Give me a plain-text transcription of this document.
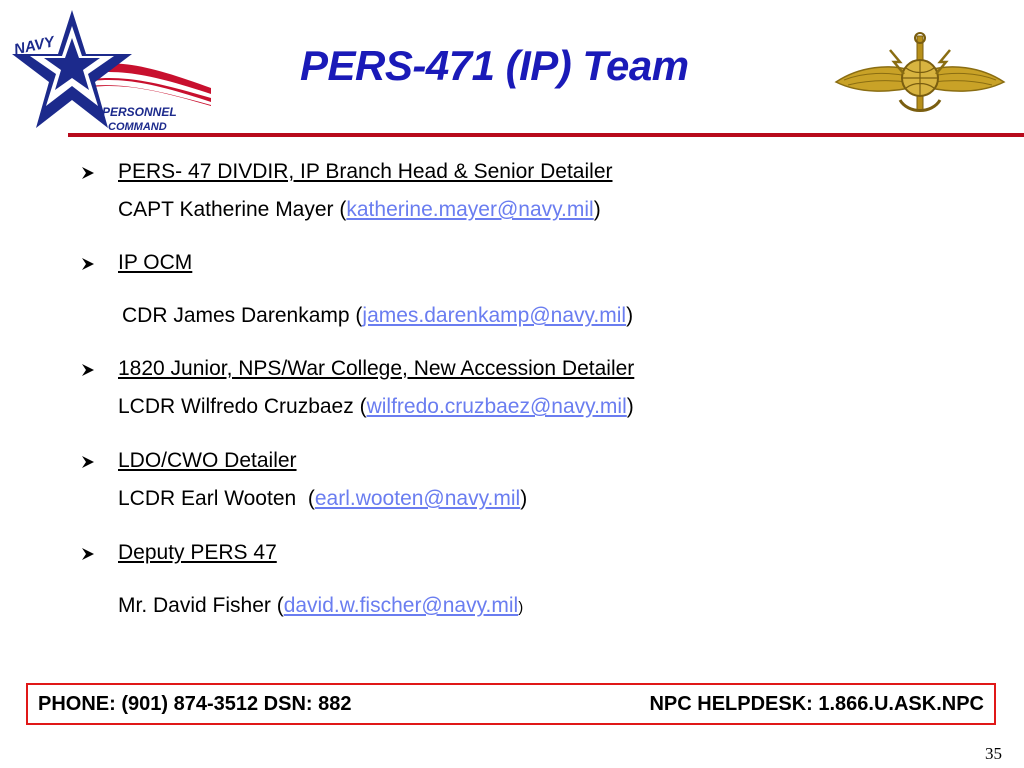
NAVY
PERSONNEL
COMMAND
PERS-471 (IP) Team
PERS- 47 DIVDIR, IP Branch Head & Senior Detailer
CAPT Katherine Mayer (katherine.mayer@navy.mil)
IP OCM
CDR James Darenkamp (james.darenkamp@navy.mil)
1820 Junior, NPS/War College, New Accession Detailer
LCDR Wilfredo Cruzbaez (wilfredo.cruzbaez@navy.mil)
LDO/CWO Detailer
LCDR Earl Wooten  (earl.wooten@navy.mil)
Deputy PERS 47
Mr. David Fisher (david.w.fischer@navy.mil)
PHONE: (901) 874-3512 DSN: 882	NPC HELPDESK: 1.866.U.ASK.NPC
35
